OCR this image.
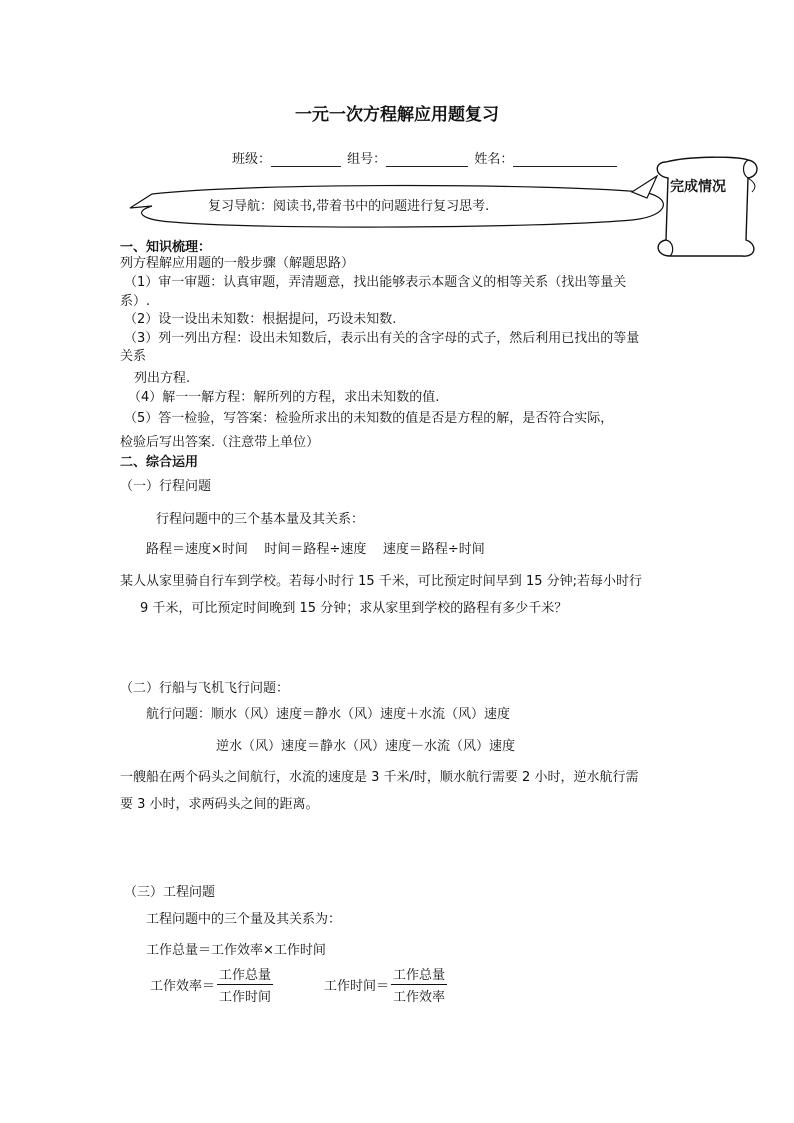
一元一次方程解应用题复习
班级：	组号：	姓名：
复习导航：阅读书,带着书中的问题进行复习思考.
完成情况
一、知识梳理：
列方程解应用题的一般步骤（解题思路）
（1）审一审题：认真审题，弄清题意，找出能够表示本题含义的相等关系（找出等量关
系）.
（2）设一设出未知数：根据提问，巧设未知数.
（3）列一列出方程：设出未知数后，表示出有关的含字母的式子，然后利用已找出的等量
关系
列出方程.
（4）解一一解方程：解所列的方程，求出未知数的值.
（5）答一检验，写答案：检验所求出的未知数的值是否是方程的解，是否符合实际，
检验后写出答案.（注意带上单位）
二、综合运用
（一）行程问题
行程问题中的三个基本量及其关系：
路程＝速度×时间    时间＝路程÷速度    速度＝路程÷时间
某人从家里骑自行车到学校。若每小时行 15 千米，可比预定时间早到 15 分钟;若每小时行
9 千米，可比预定时间晚到 15 分钟；求从家里到学校的路程有多少千米？
（二）行船与飞机飞行问题：
航行问题：顺水（风）速度＝静水（风）速度＋水流（风）速度
逆水（风）速度＝静水（风）速度－水流（风）速度
一艘船在两个码头之间航行，水流的速度是 3 千米/时，顺水航行需要 2 小时，逆水航行需
要 3 小时，求两码头之间的距离。
（三）工程问题
工程问题中的三个量及其关系为：
工作总量＝工作效率×工作时间
工作效率＝ $\frac{\text{工作总量}}{\text{工作时间}}$	工作时间＝ $\frac{\text{工作总量}}{\text{工作效率}}$
